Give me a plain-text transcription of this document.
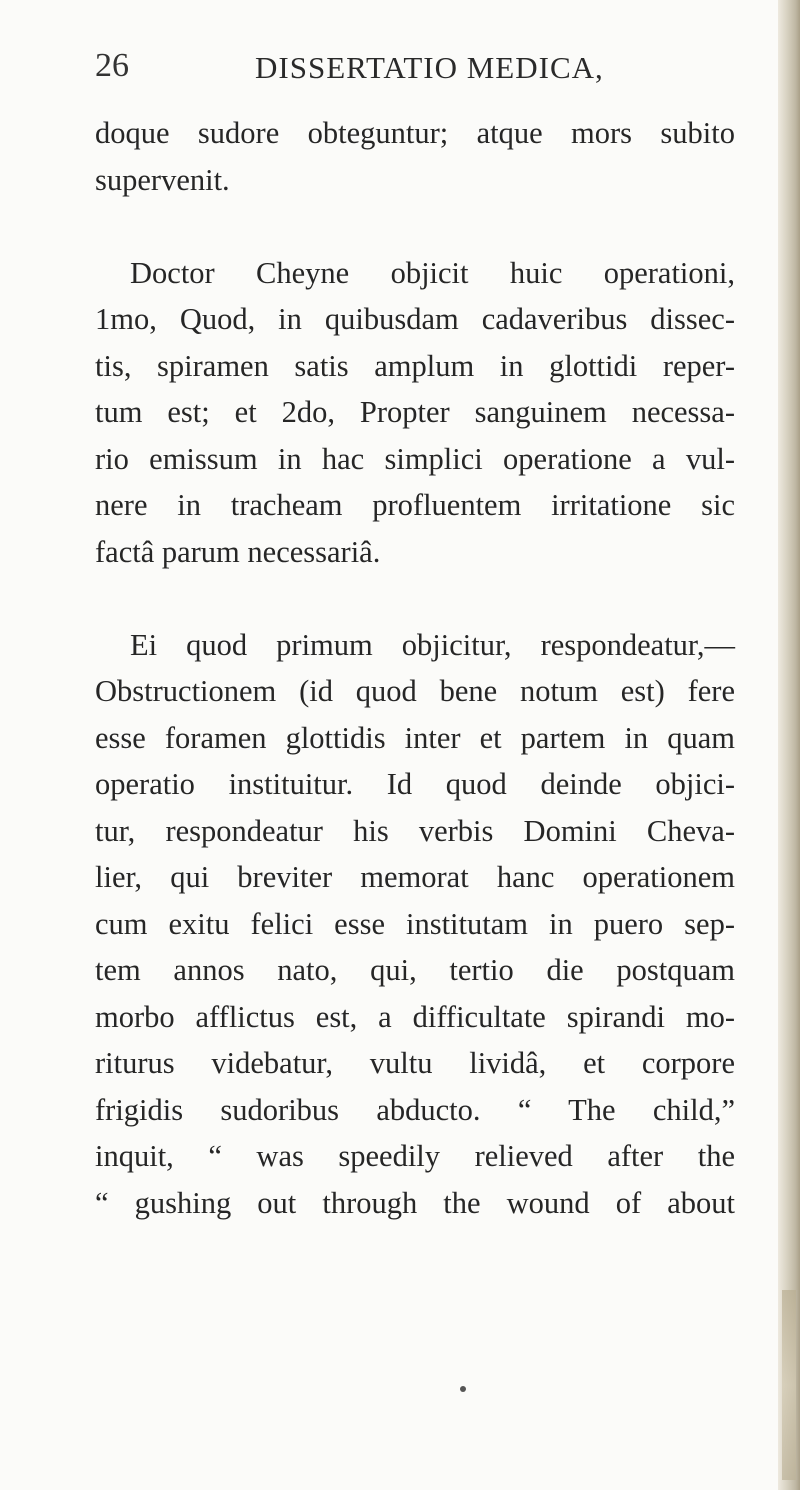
26	DISSERTATIO MEDICA,
doque sudore obteguntur; atque mors subito
supervenit.
Doctor Cheyne objicit huic operationi,
1mo, Quod, in quibusdam cadaveribus dissec-
tis, spiramen satis amplum in glottidi reper-
tum est; et 2do, Propter sanguinem necessa-
rio emissum in hac simplici operatione a vul-
nere in tracheam profluentem irritatione sic
factâ parum necessariâ.
Ei quod primum objicitur, respondeatur,—
Obstructionem (id quod bene notum est) fere
esse foramen glottidis inter et partem in quam
operatio instituitur. Id quod deinde objici-
tur, respondeatur his verbis Domini Cheva-
lier, qui breviter memorat hanc operationem
cum exitu felici esse institutam in puero sep-
tem annos nato, qui, tertio die postquam
morbo afflictus est, a difficultate spirandi mo-
riturus videbatur, vultu lividâ, et corpore
frigidis sudoribus abducto. “ The child,”
inquit, “ was speedily relieved after the
“ gushing out through the wound of about
